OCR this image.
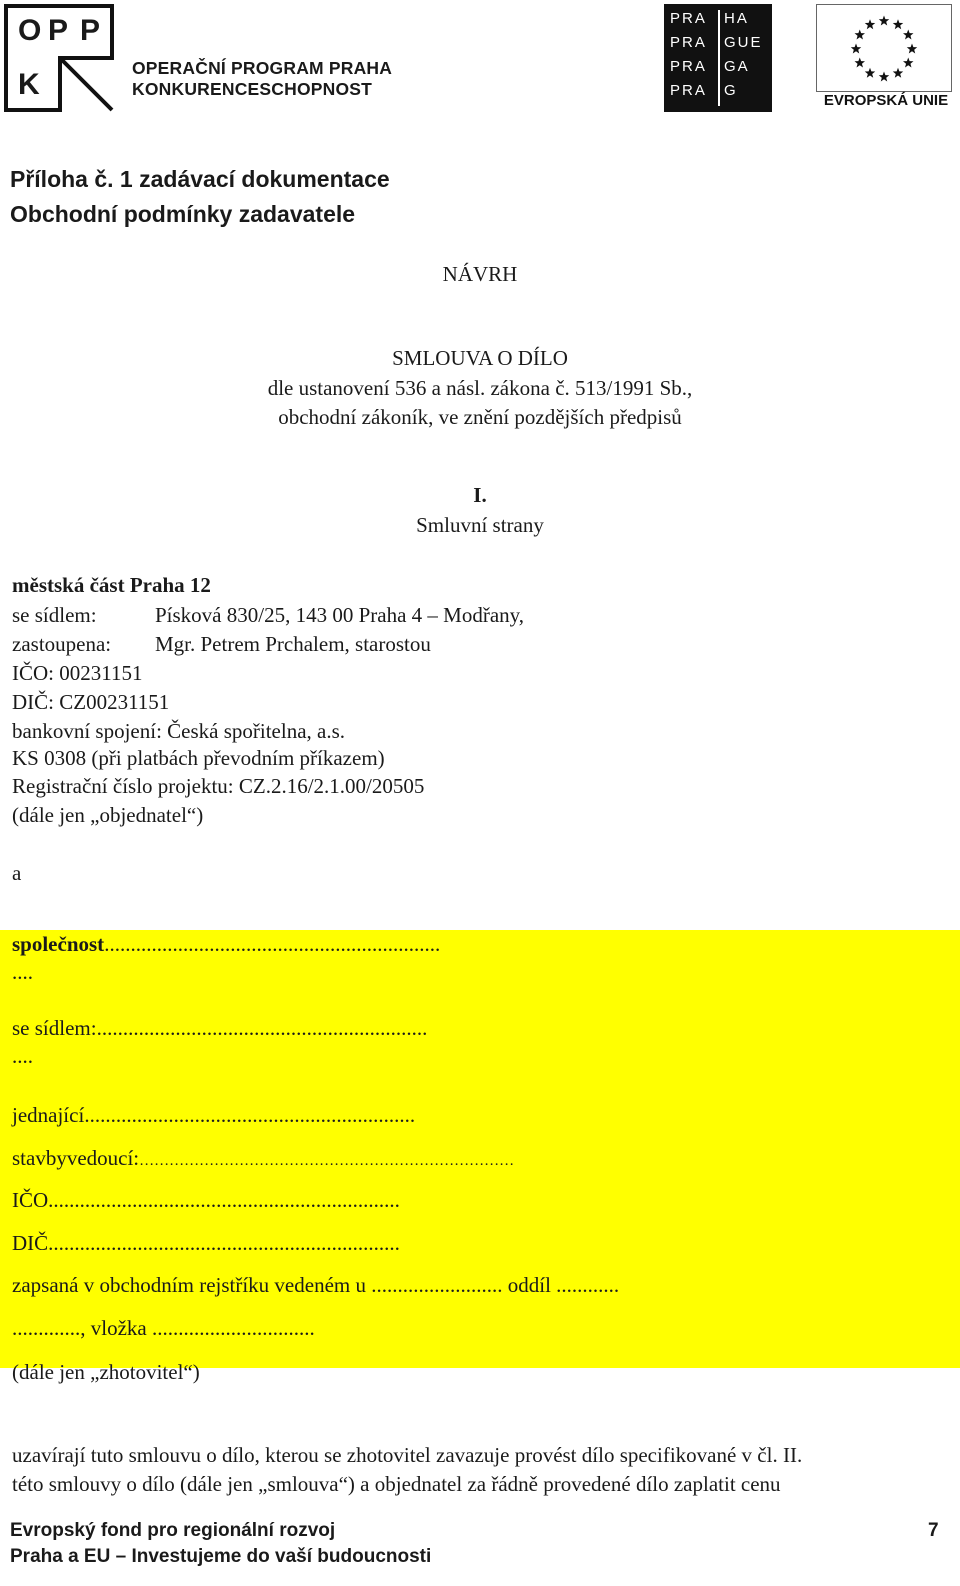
O P P
K	OPERAČNÍ PROGRAM PRAHA
KONKURENCESCHOPNOST
PRA HA
PRA GUE
PRA GA
PRA G
EVROPSKÁ UNIE
Příloha č. 1 zadávací dokumentace
Obchodní podmínky zadavatele
NÁVRH
SMLOUVA O DÍLO
dle ustanovení 536 a násl. zákona č. 513/1991 Sb.,
obchodní zákoník, ve znění pozdějších předpisů
I.
Smluvní strany
městská část Praha 12
se sídlem:	Písková 830/25, 143 00 Praha 4 – Modřany,
zastoupena: Mgr. Petrem Prchalem, starostou
IČO: 00231151
DIČ: CZ00231151
bankovní spojení: Česká spořitelna, a.s.
KS 0308 (při platbách převodním příkazem)
Registrační číslo projektu: CZ.2.16/2.1.00/20505
(dále jen „objednatel“)
a
společnost................................................................
....
se sídlem:...............................................................
....
jednající...............................................................
stavbyvedoucí:…………………………………………………………………
IČO...................................................................
DIČ...................................................................
zapsaná v obchodním rejstříku vedeném u ......................... oddíl ............
............., vložka ...............................
(dále jen „zhotovitel“)
uzavírají tuto smlouvu o dílo, kterou se zhotovitel zavazuje provést dílo specifikované v čl. II.
této smlouvy o dílo (dále jen „smlouva“) a objednatel za řádně provedené dílo zaplatit cenu
Evropský fond pro regionální rozvoj
Praha a EU – Investujeme do vaší budoucnosti
7
